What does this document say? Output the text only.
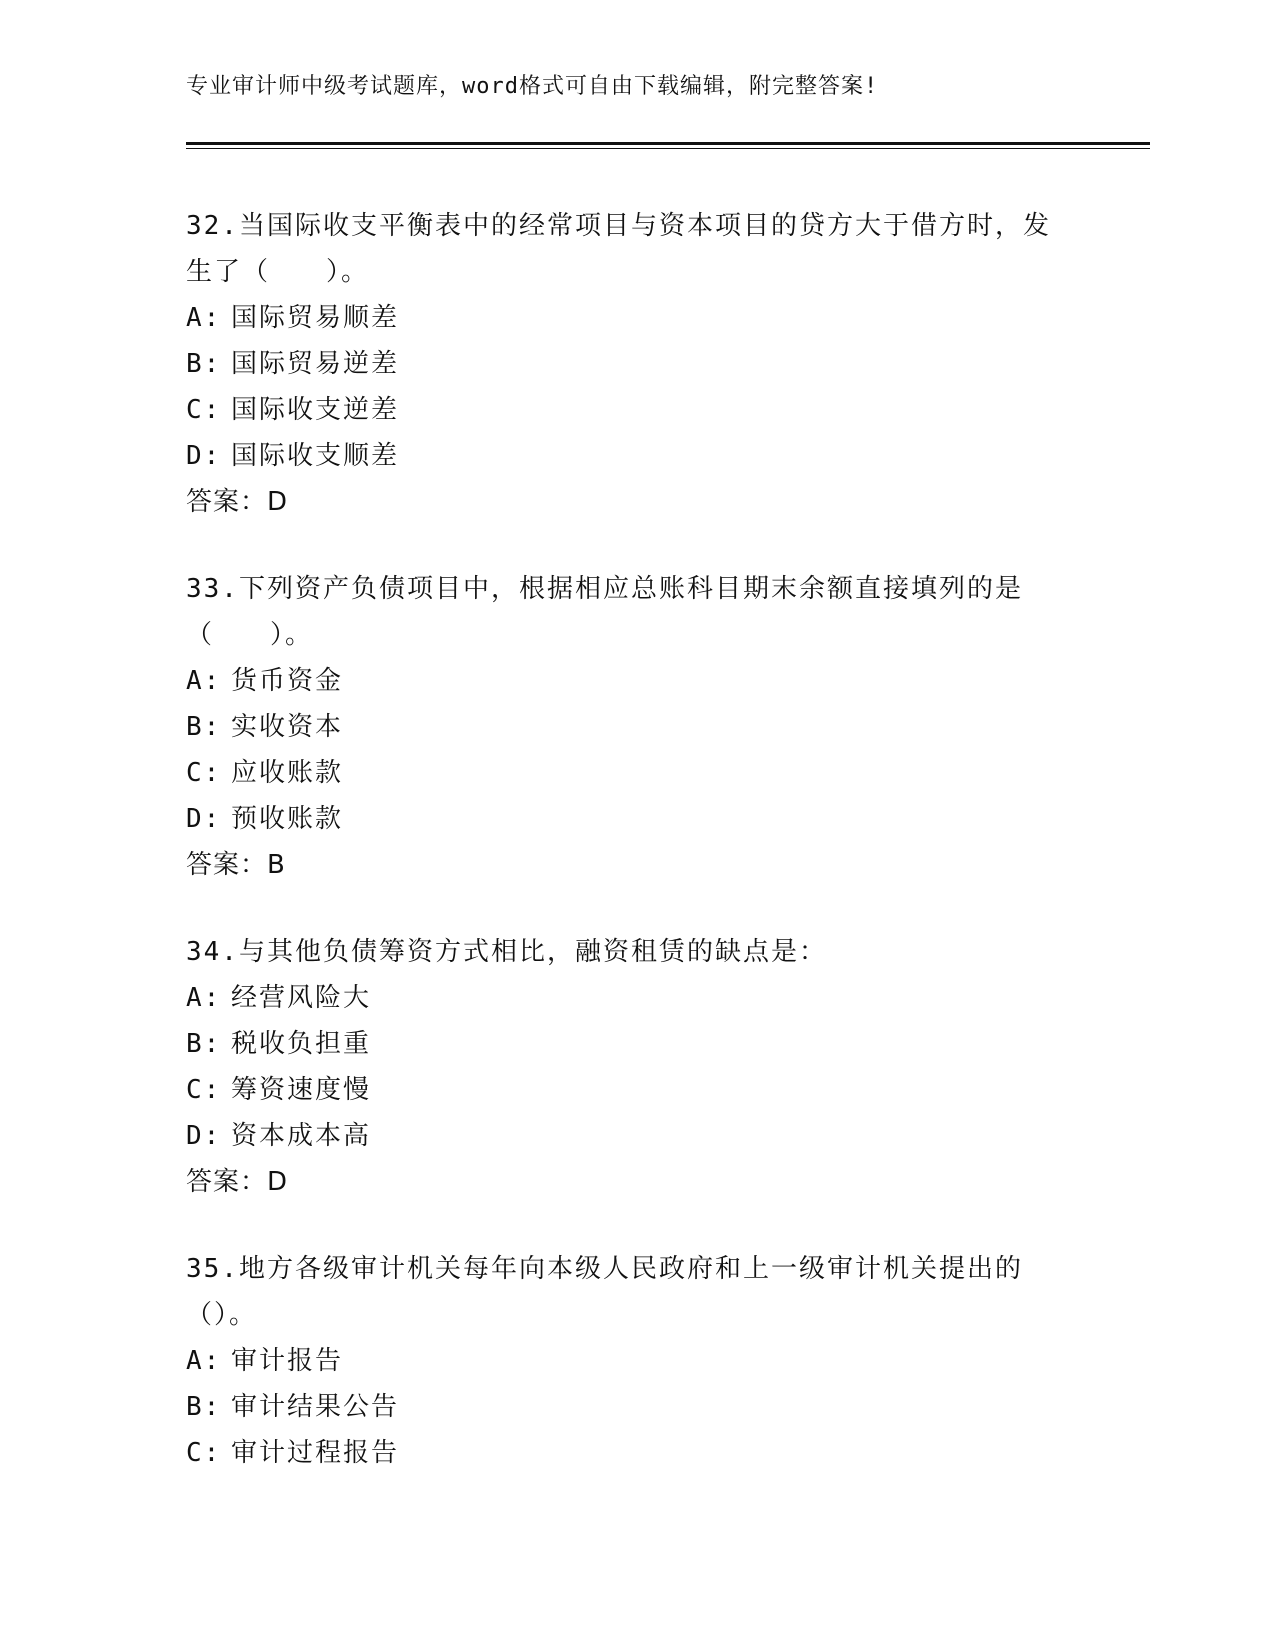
专业审计师中级考试题库，word格式可自由下载编辑，附完整答案!

32.当国际收支平衡表中的经常项目与资本项目的贷方大于借方时，发生了（　　）。

A: 国际贸易顺差
B: 国际贸易逆差
C: 国际收支逆差
D: 国际收支顺差
答案：D

33.下列资产负债项目中，根据相应总账科目期末余额直接填列的是（　　）。

A: 货币资金
B: 实收资本
C: 应收账款
D: 预收账款
答案：B

34.与其他负债筹资方式相比，融资租赁的缺点是：

A: 经营风险大
B: 税收负担重
C: 筹资速度慢
D: 资本成本高
答案：D

35.地方各级审计机关每年向本级人民政府和上一级审计机关提出的（）。

A: 审计报告
B: 审计结果公告
C: 审计过程报告
